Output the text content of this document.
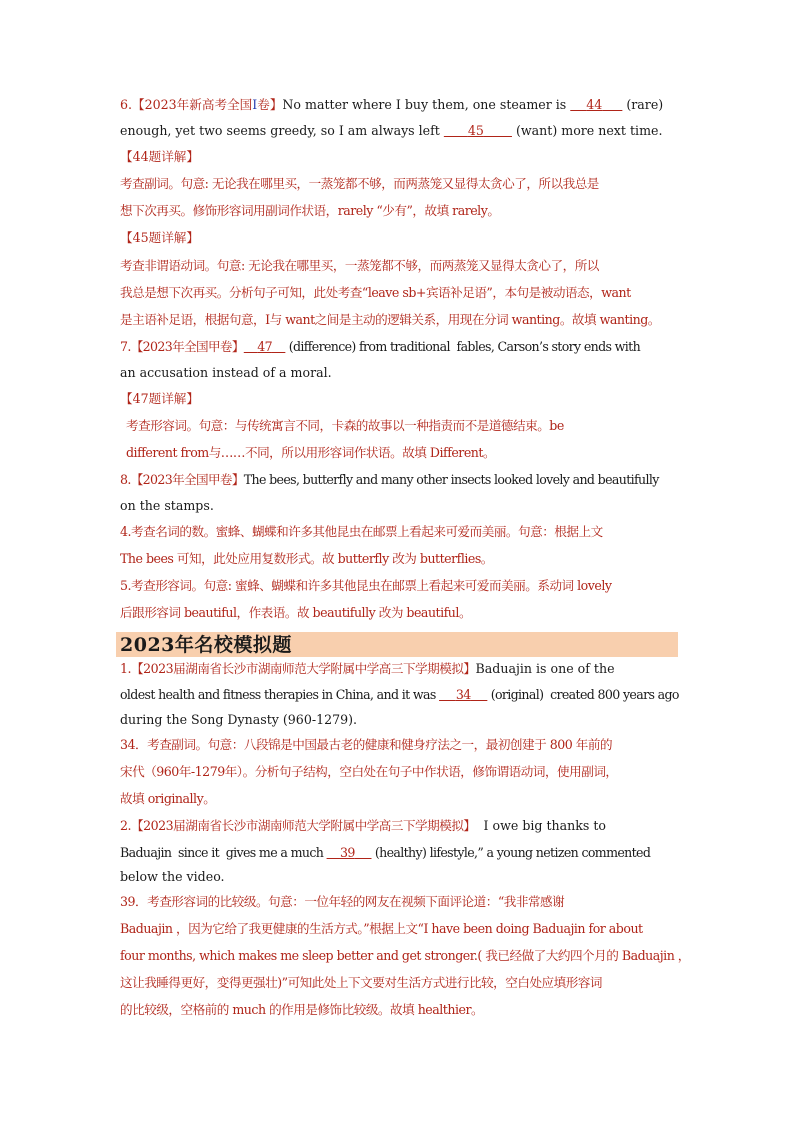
6.【2023年新高考全国Ⅰ卷】No matter where I buy them, one steamer is     44      (rare)
enough, yet two seems greedy, so I am always left       45        (want) more next time.
【44题详解】
考查副词。句意: 无论我在哪里买，一蒸笼都不够，而两蒸笼又显得太贪心了，所以我总是
想下次再买。修饰形容词用副词作状语，rarely “少有”，故填 rarely。
【45题详解】
考查非谓语动词。句意: 无论我在哪里买，一蒸笼都不够，而两蒸笼又显得太贪心了，所以
我总是想下次再买。分析句子可知，此处考查“leave sb+宾语补足语”，本句是被动语态，want
是主语补足语，根据句意，I与 want之间是主动的逻辑关系，用现在分词 wanting。故填 wanting。
7.【2023年全国甲卷】 47     (difference) from traditional  fables, Carson’s story ends with
an accusation instead of a moral.
【47题详解】
考查形容词。句意：与传统寓言不同，卡森的故事以一种指责而不是道德结束。be
different from与……不同，所以用形容词作状语。故填 Different。
8.【2023年全国甲卷】The bees, butterfly and many other insects looked lovely and beautifully
on the stamps.
4.考查名词的数。蜜蜂、蝴蝶和许多其他昆虫在邮票上看起来可爱而美丽。句意：根据上文
The bees 可知，此处应用复数形式。故 butterfly 改为 butterflies。
5.考查形容词。句意: 蜜蜂、蝴蝶和许多其他昆虫在邮票上看起来可爱而美丽。系动词 lovely
后跟形容词 beautiful，作表语。故 beautifully 改为 beautiful。
2023年名校模拟题
1.【2023届湖南省长沙市湖南师范大学附属中学高三下学期模拟】Baduajin is one of the
oldest health and fitness therapies in China, and it was      34      (original)  created 800 years ago
during the Song Dynasty (960-1279).
34．考查副词。句意：八段锦是中国最古老的健康和健身疗法之一，最初创建于 800 年前的
宋代（960年-1279年）。分析句子结构，空白处在句子中作状语，修饰谓语动词，使用副词，
故填 originally。
2.【2023届湖南省长沙市湖南师范大学附属中学高三下学期模拟】  I owe big thanks to
Baduajin  since it  gives me a much     39      (healthy) lifestyle,” a young netizen commented
below the video.
39．考查形容词的比较级。句意：一位年轻的网友在视频下面评论道：“我非常感谢
Baduajin ，因为它给了我更健康的生活方式。”根据上文“I have been doing Baduajin for about
four months, which makes me sleep better and get stronger.( 我已经做了大约四个月的 Baduajin ，
这让我睡得更好，变得更强壮)”可知此处上下文要对生活方式进行比较，空白处应填形容词
的比较级，空格前的 much 的作用是修饰比较级。故填 healthier。
